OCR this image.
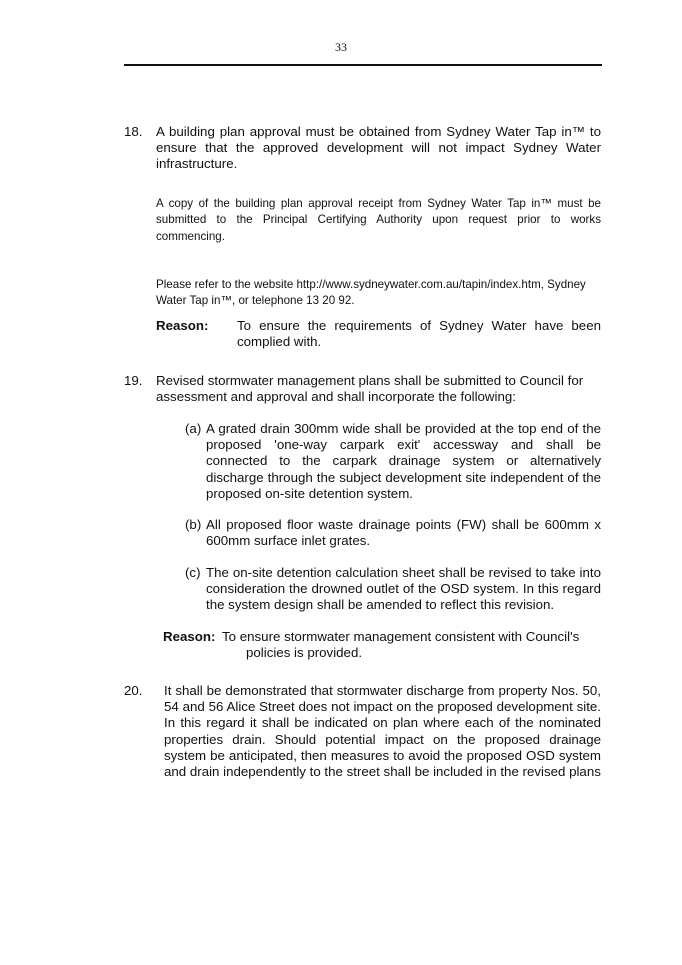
33
18. A building plan approval must be obtained from Sydney Water Tap in™ to ensure that the approved development will not impact Sydney Water infrastructure.
A copy of the building plan approval receipt from Sydney Water Tap in™ must be submitted to the Principal Certifying Authority upon request prior to works commencing.
Please refer to the website http://www.sydneywater.com.au/tapin/index.htm, Sydney Water Tap in™, or telephone 13 20 92.
Reason: To ensure the requirements of Sydney Water have been complied with.
19. Revised stormwater management plans shall be submitted to Council for assessment and approval and shall incorporate the following:
(a) A grated drain 300mm wide shall be provided at the top end of the proposed 'one-way carpark exit' accessway and shall be connected to the carpark drainage system or alternatively discharge through the subject development site independent of the proposed on-site detention system.
(b) All proposed floor waste drainage points (FW) shall be 600mm x 600mm surface inlet grates.
(c) The on-site detention calculation sheet shall be revised to take into consideration the drowned outlet of the OSD system. In this regard the system design shall be amended to reflect this revision.
Reason: To ensure stormwater management consistent with Council's policies is provided.
20. It shall be demonstrated that stormwater discharge from property Nos. 50, 54 and 56 Alice Street does not impact on the proposed development site. In this regard it shall be indicated on plan where each of the nominated properties drain. Should potential impact on the proposed drainage system be anticipated, then measures to avoid the proposed OSD system and drain independently to the street shall be included in the revised plans
